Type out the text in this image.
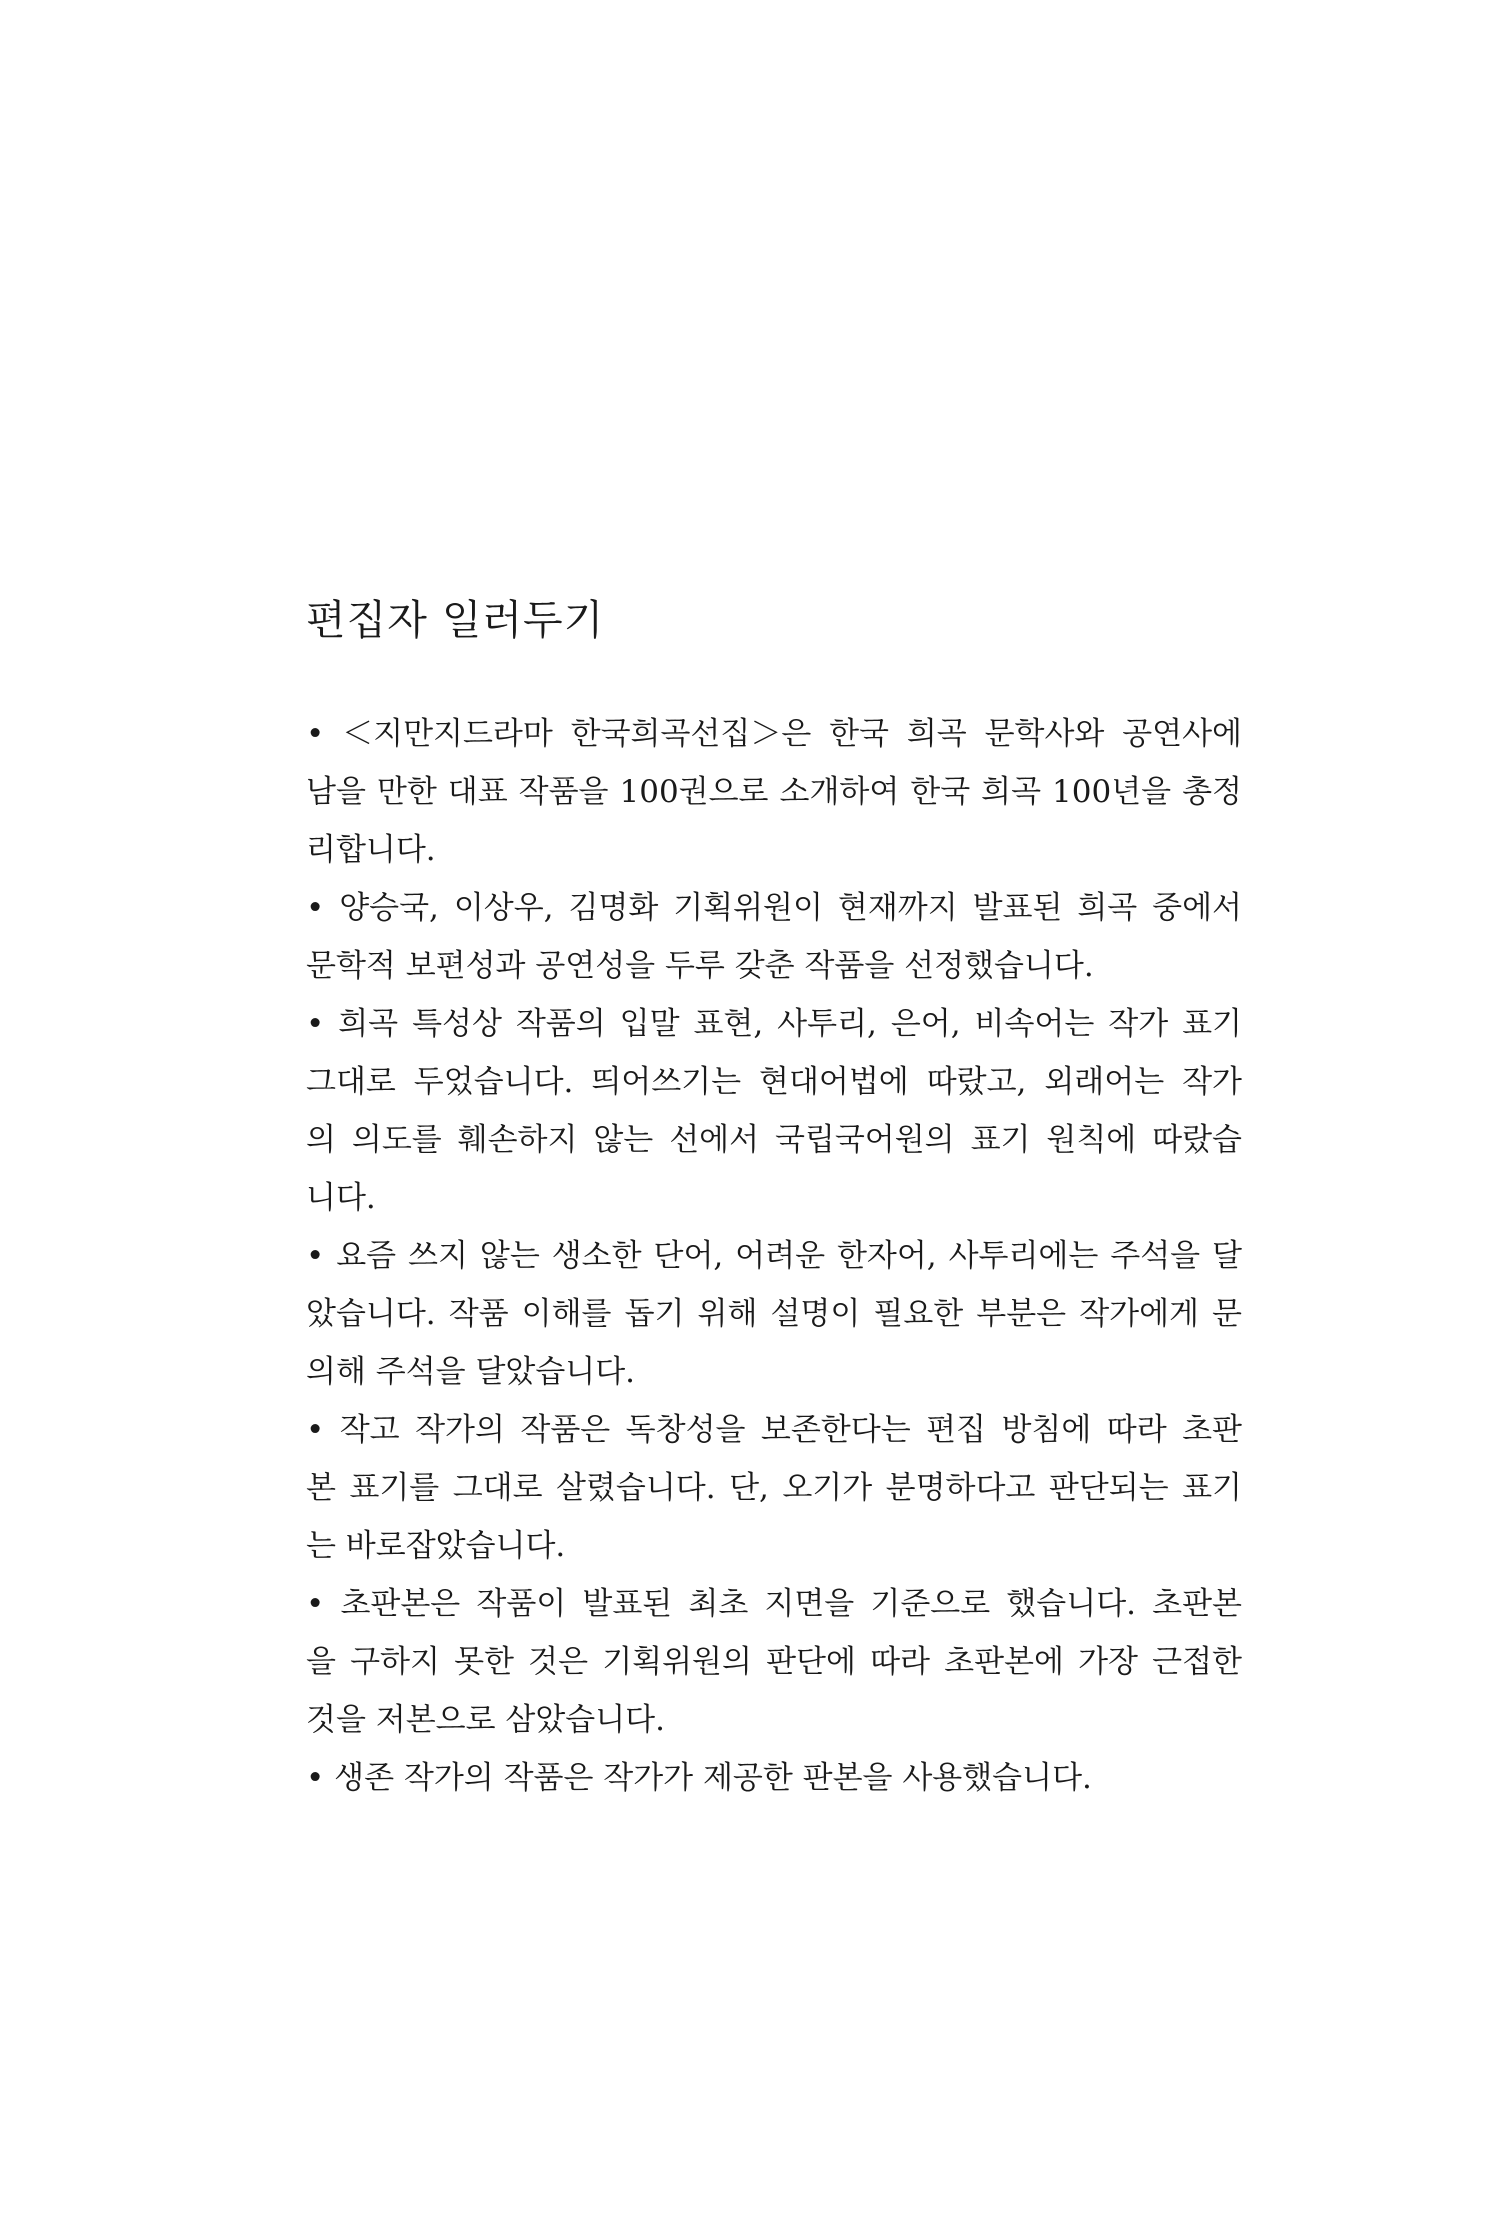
편집자 일러두기
• ＜지만지드라마 한국희곡선집＞은 한국 희곡 문학사와 공연사에
남을 만한 대표 작품을 100권으로 소개하여 한국 희곡 100년을 총정
리합니다.
• 양승국, 이상우, 김명화 기획위원이 현재까지 발표된 희곡 중에서
문학적 보편성과 공연성을 두루 갖춘 작품을 선정했습니다.
• 희곡 특성상 작품의 입말 표현, 사투리, 은어, 비속어는 작가 표기
그대로 두었습니다. 띄어쓰기는 현대어법에 따랐고, 외래어는 작가
의 의도를 훼손하지 않는 선에서 국립국어원의 표기 원칙에 따랐습
니다.
• 요즘 쓰지 않는 생소한 단어, 어려운 한자어, 사투리에는 주석을 달
았습니다. 작품 이해를 돕기 위해 설명이 필요한 부분은 작가에게 문
의해 주석을 달았습니다.
• 작고 작가의 작품은 독창성을 보존한다는 편집 방침에 따라 초판
본 표기를 그대로 살렸습니다. 단, 오기가 분명하다고 판단되는 표기
는 바로잡았습니다.
• 초판본은 작품이 발표된 최초 지면을 기준으로 했습니다. 초판본
을 구하지 못한 것은 기획위원의 판단에 따라 초판본에 가장 근접한
것을 저본으로 삼았습니다.
• 생존 작가의 작품은 작가가 제공한 판본을 사용했습니다.
